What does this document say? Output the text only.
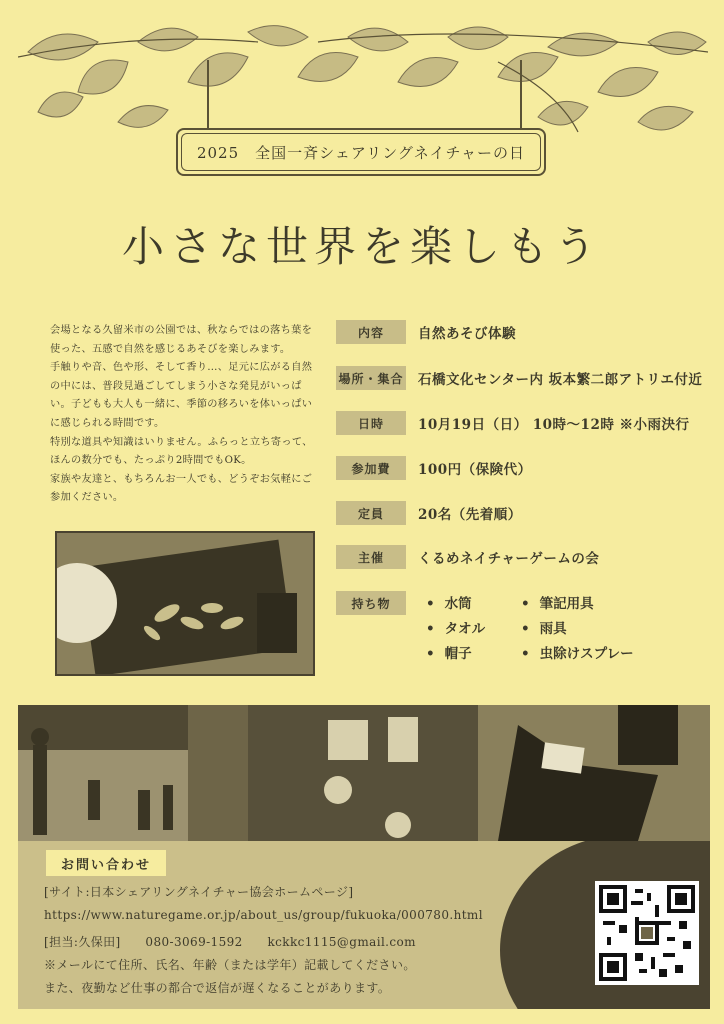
2025　全国一斉シェアリングネイチャーの日
小さな世界を楽しもう

会場となる久留米市の公園では、秋ならではの落ち葉を

使った、五感で自然を感じるあそびを楽しみます。

手触りや音、色や形、そして香り…、足元に広がる自然

の中には、普段見過ごしてしまう小さな発見がいっぱ

い。子どもも大人も一緒に、季節の移ろいを体いっぱい

に感じられる時間です。

特別な道具や知識はいりません。ふらっと立ち寄って、

ほんの数分でも、たっぷり2時間でもOK。

家族や友達と、もちろんお一人でも、どうぞお気軽にご

参加ください。

内容	自然あそび体験
場所・集合 石橋文化センター内 坂本繁二郎アトリエ付近
日時	10月19日（日） 10時～12時 ※小雨決行
参加費	100円（保険代）
定員	20名（先着順）
主催	くるめネイチャーゲームの会
持ち物	• 水筒	• 筆記用具
• タオル	• 雨具
• 帽子	• 虫除けスプレー
お問い合わせ
[サイト:日本シェアリングネイチャー協会ホームページ]
https://www.naturegame.or.jp/about_us/group/fukuoka/000780.html
[担当:久保田]　　080-3069-1592　　kckkc1115@gmail.com
※メールにて住所、氏名、年齢（または学年）記載してください。
また、夜勤など仕事の都合で返信が遅くなることがあります。
